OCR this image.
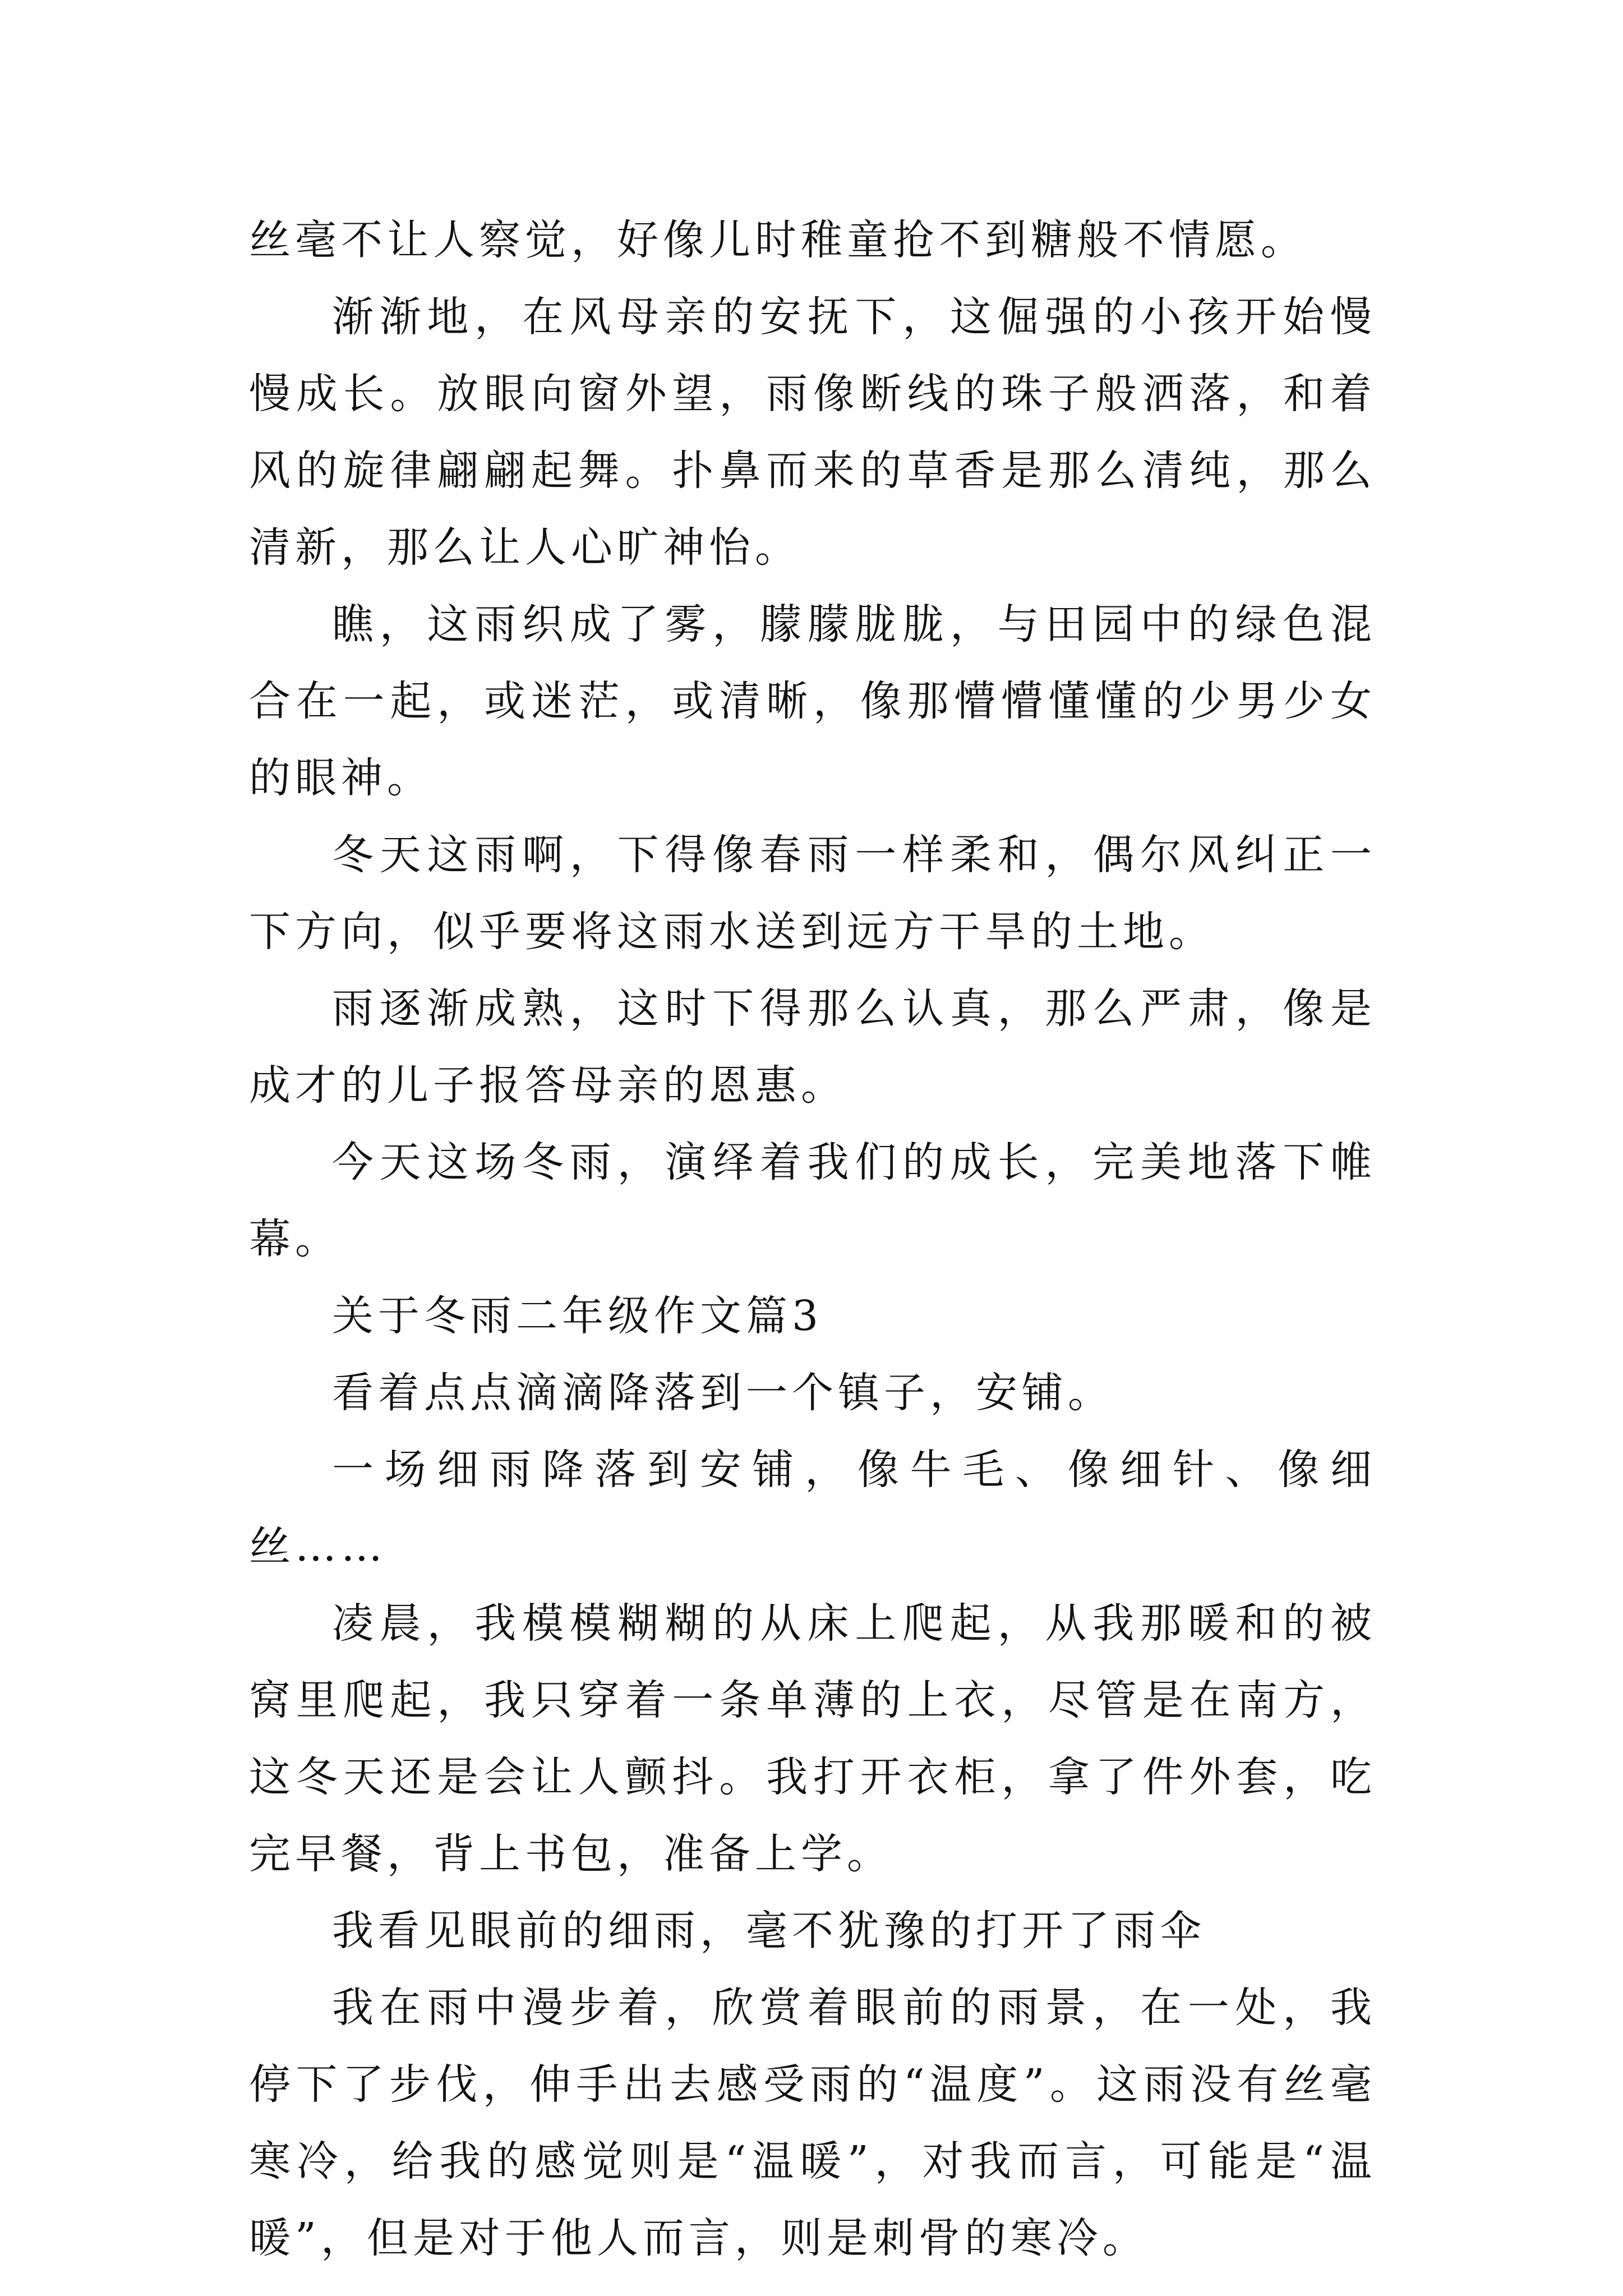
丝毫不让人察觉，好像儿时稚童抢不到糖般不情愿。

渐渐地，在风母亲的安抚下，这倔强的小孩开始慢慢成长。放眼向窗外望，雨像断线的珠子般洒落，和着风的旋律翩翩起舞。扑鼻而来的草香是那么清纯，那么清新，那么让人心旷神怡。

瞧，这雨织成了雾，朦朦胧胧，与田园中的绿色混合在一起，或迷茫，或清晰，像那懵懵懂懂的少男少女的眼神。

冬天这雨啊，下得像春雨一样柔和，偶尔风纠正一下方向，似乎要将这雨水送到远方干旱的土地。

雨逐渐成熟，这时下得那么认真，那么严肃，像是成才的儿子报答母亲的恩惠。

今天这场冬雨，演绎着我们的成长，完美地落下帷幕。

关于冬雨二年级作文篇3

看着点点滴滴降落到一个镇子，安铺。

一场细雨降落到安铺，像牛毛、像细针、像细丝……

凌晨，我模模糊糊的从床上爬起，从我那暖和的被窝里爬起，我只穿着一条单薄的上衣，尽管是在南方，这冬天还是会让人颤抖。我打开衣柜，拿了件外套，吃完早餐，背上书包，准备上学。

我看见眼前的细雨，毫不犹豫的打开了雨伞

我在雨中漫步着，欣赏着眼前的雨景，在一处，我停下了步伐，伸手出去感受雨的“温度”。这雨没有丝毫寒冷，给我的感觉则是“温暖”，对我而言，可能是“温暖”，但是对于他人而言，则是刺骨的寒冷。
